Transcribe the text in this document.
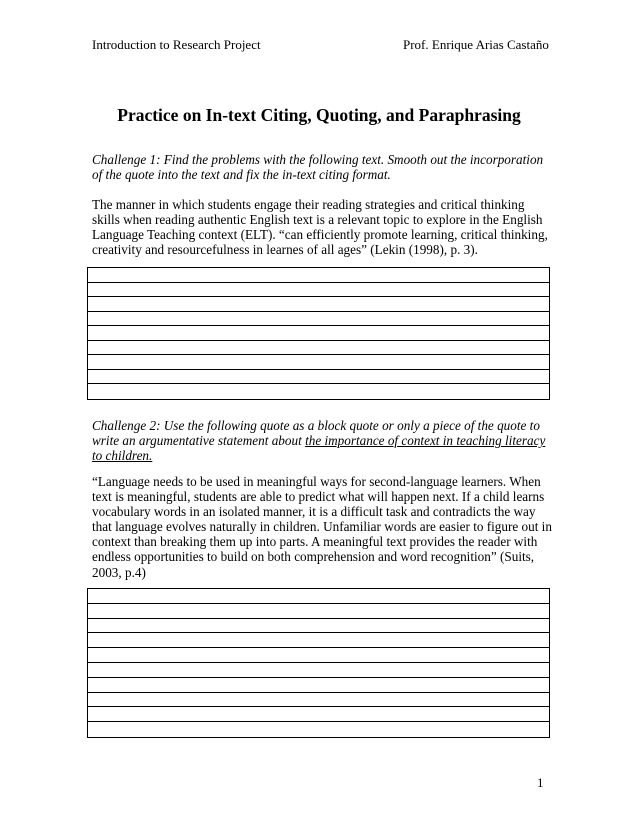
Introduction to Research Project	Prof. Enrique Arias Castaño
Practice on In-text Citing, Quoting, and Paraphrasing

Challenge 1: Find the problems with the following text. Smooth out the incorporation of the quote into the text and fix the in-text citing format.

The manner in which students engage their reading strategies and critical thinking skills when reading authentic English text is a relevant topic to explore in the English Language Teaching context (ELT). “can efficiently promote learning, critical thinking, creativity and resourcefulness in learnes of all ages” (Lekin (1998), p. 3).

Challenge 2: Use the following quote as a block quote or only a piece of the quote to write an argumentative statement about the importance of context in teaching literacy to children.

“Language needs to be used in meaningful ways for second-language learners. When text is meaningful, students are able to predict what will happen next. If a child learns vocabulary words in an isolated manner, it is a difficult task and contradicts the way that language evolves naturally in children. Unfamiliar words are easier to figure out in context than breaking them up into parts. A meaningful text provides the reader with endless opportunities to build on both comprehension and word recognition” (Suits, 2003, p.4)

1
